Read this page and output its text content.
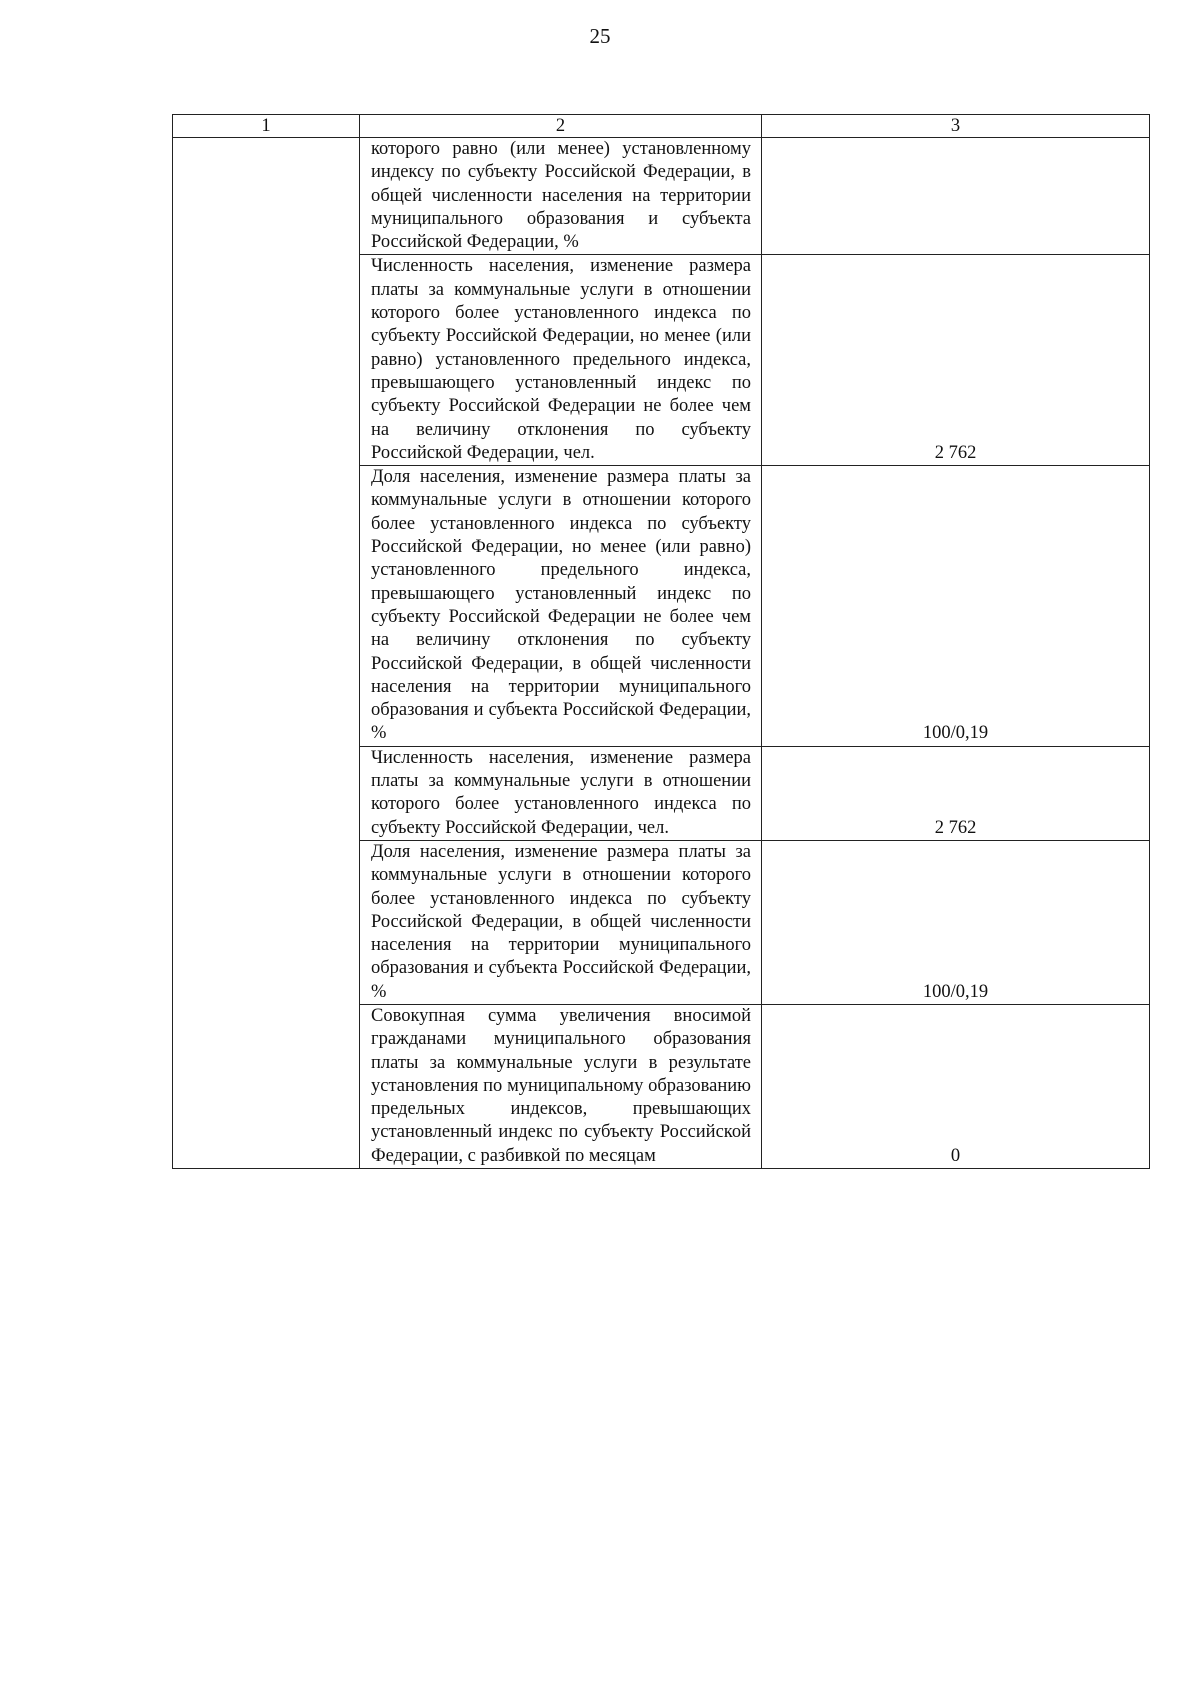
25
1	2	3
	которого равно (или менее) установленному индексу по субъекту Российской Федерации, в общей численности населения на территории муниципального образования и субъекта Российской Федерации, %	
	Численность населения, изменение размера платы за коммунальные услуги в отношении которого более установленного индекса по субъекту Российской Федерации, но менее (или равно) установленного предельного индекса, превышающего установленный индекс по субъекту Российской Федерации не более чем на величину отклонения по субъекту Российской Федерации, чел.	2 762
	Доля населения, изменение размера платы за коммунальные услуги в отношении которого более установленного индекса по субъекту Российской Федерации, но менее (или равно) установленного предельного индекса, превышающего установленный индекс по субъекту Российской Федерации не более чем на величину отклонения по субъекту Российской Федерации, в общей численности населения на территории муниципального образования и субъекта Российской Федерации, %	100/0,19
	Численность населения, изменение размера платы за коммунальные услуги в отношении которого более установленного индекса по субъекту Российской Федерации, чел.	2 762
	Доля населения, изменение размера платы за коммунальные услуги в отношении которого более установленного индекса по субъекту Российской Федерации, в общей численности населения на территории муниципального образования и субъекта Российской Федерации, %	100/0,19
	Совокупная сумма увеличения вносимой гражданами муниципального образования платы за коммунальные услуги в результате установления по муниципальному образованию предельных индексов, превышающих установленный индекс по субъекту Российской Федерации, с разбивкой по месяцам	0
